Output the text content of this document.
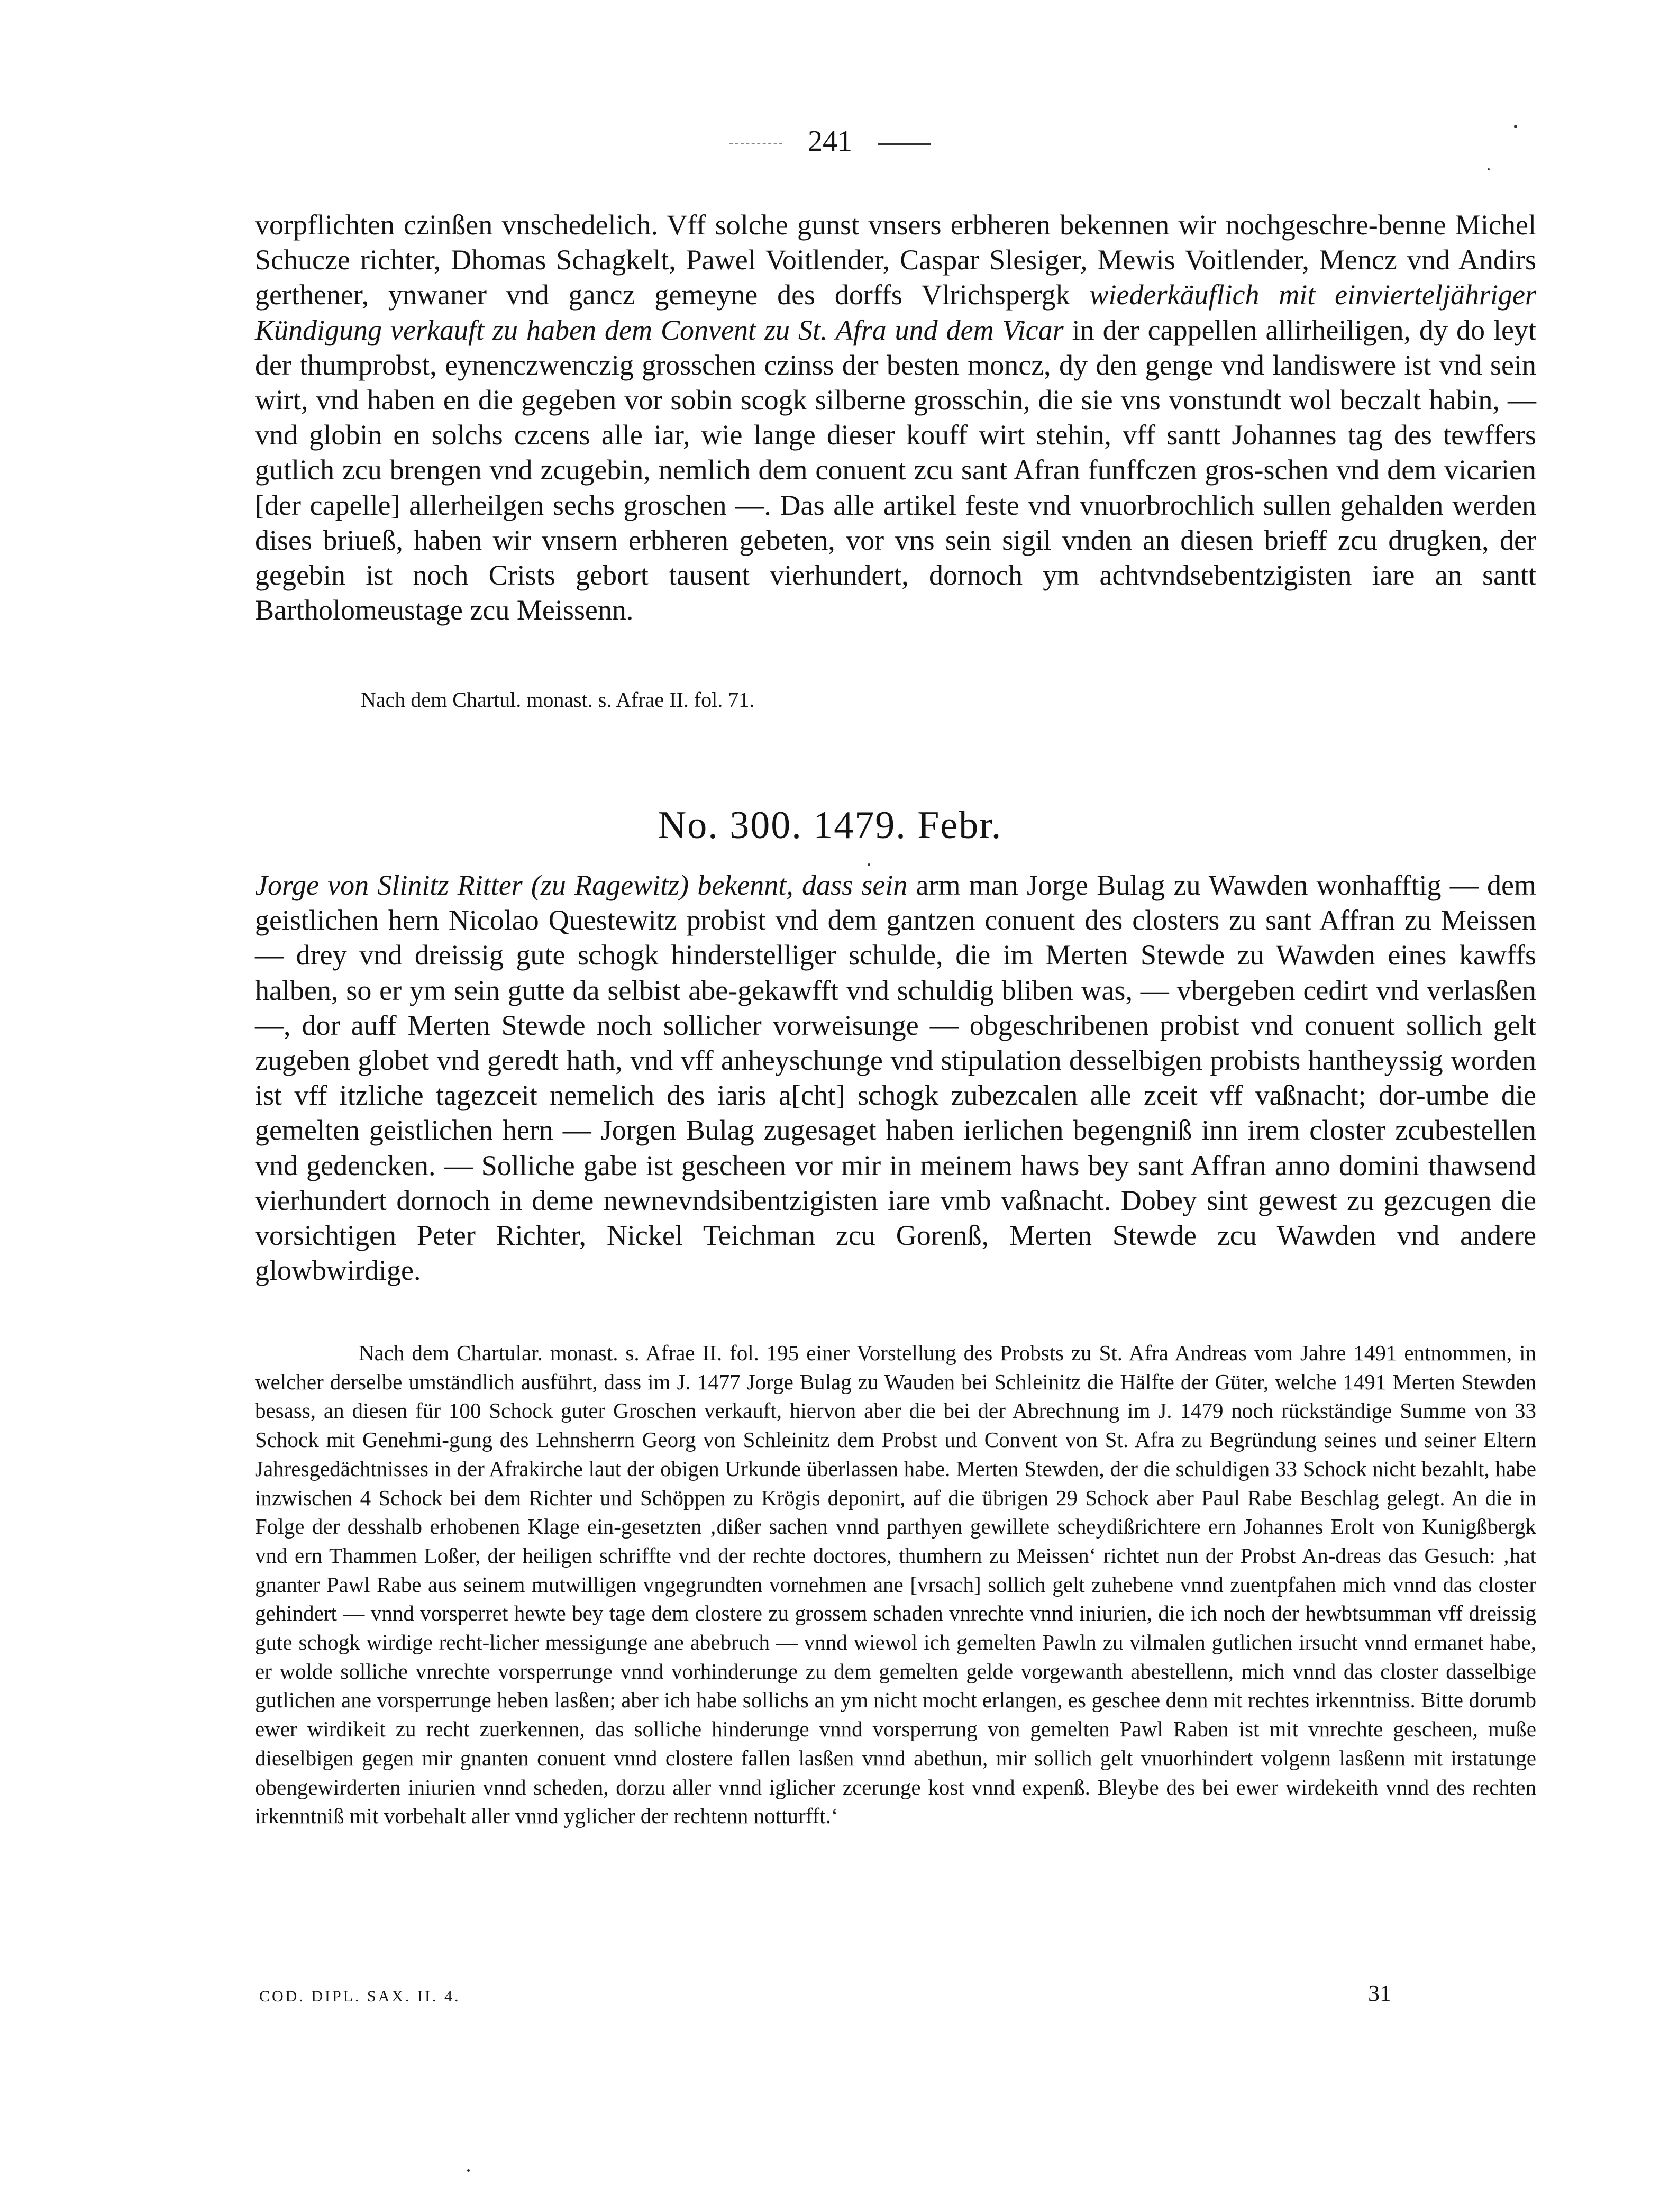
241
vorpflichten czinßen vnschedelich. Vff solche gunst vnsers erbheren bekennen wir nochgeschre-benne Michel Schucze richter, Dhomas Schagkelt, Pawel Voitlender, Caspar Slesiger, Mewis Voitlender, Mencz vnd Andirs gerthener, ynwaner vnd gancz gemeyne des dorffs Vlrichspergk wiederkäuflich mit einvierteljähriger Kündigung verkauft zu haben dem Convent zu St. Afra und dem Vicar in der cappellen allirheiligen, dy do leyt der thumprobst, eynenczwenczig grosschen czinss der besten moncz, dy den genge vnd landiswere ist vnd sein wirt, vnd haben en die gegeben vor sobin scogk silberne grosschin, die sie vns vonstundt wol beczalt habin, — vnd globin en solchs czcens alle iar, wie lange dieser kouff wirt stehin, vff santt Johannes tag des tewffers gutlich zcu brengen vnd zcugebin, nemlich dem conuent zcu sant Afran funffczen gros-schen vnd dem vicarien [der capelle] allerheilgen sechs groschen —. Das alle artikel feste vnd vnuorbrochlich sullen gehalden werden dises briueß, haben wir vnsern erbheren gebeten, vor vns sein sigil vnden an diesen brieff zcu drugken, der gegebin ist noch Crists gebort tausent vierhundert, dornoch ym achtvndsebentzigisten iare an santt Bartholomeustage zcu Meissenn.
Nach dem Chartul. monast. s. Afrae II. fol. 71.
No. 300. 1479. Febr.
Jorge von Slinitz Ritter (zu Ragewitz) bekennt, dass sein arm man Jorge Bulag zu Wawden wonhafftig — dem geistlichen hern Nicolao Questewitz probist vnd dem gantzen conuent des closters zu sant Affran zu Meissen — drey vnd dreissig gute schogk hinderstelliger schulde, die im Merten Stewde zu Wawden eines kawffs halben, so er ym sein gutte da selbist abe-gekawfft vnd schuldig bliben was, — vbergeben cedirt vnd verlasßen —, dor auff Merten Stewde noch sollicher vorweisunge — obgeschribenen probist vnd conuent sollich gelt zugeben globet vnd geredt hath, vnd vff anheyschunge vnd stipulation desselbigen probists hantheyssig worden ist vff itzliche tagezceit nemelich des iaris a[cht] schogk zubezcalen alle zceit vff vaßnacht; dor-umbe die gemelten geistlichen hern — Jorgen Bulag zugesaget haben ierlichen begengniß inn irem closter zcubestellen vnd gedencken. — Solliche gabe ist gescheen vor mir in meinem haws bey sant Affran anno domini thawsend vierhundert dornoch in deme newnevndsibentzigisten iare vmb vaßnacht. Dobey sint gewest zu gezcugen die vorsichtigen Peter Richter, Nickel Teichman zcu Gorenß, Merten Stewde zcu Wawden vnd andere glowbwirdige.
Nach dem Chartular. monast. s. Afrae II. fol. 195 einer Vorstellung des Probsts zu St. Afra Andreas vom Jahre 1491 entnommen, in welcher derselbe umständlich ausführt, dass im J. 1477 Jorge Bulag zu Wauden bei Schleinitz die Hälfte der Güter, welche 1491 Merten Stewden besass, an diesen für 100 Schock guter Groschen verkauft, hiervon aber die bei der Abrechnung im J. 1479 noch rückständige Summe von 33 Schock mit Genehmi-gung des Lehnsherrn Georg von Schleinitz dem Probst und Convent von St. Afra zu Begründung seines und seiner Eltern Jahresgedächtnisses in der Afrakirche laut der obigen Urkunde überlassen habe. Merten Stewden, der die schuldigen 33 Schock nicht bezahlt, habe inzwischen 4 Schock bei dem Richter und Schöppen zu Krögis deponirt, auf die übrigen 29 Schock aber Paul Rabe Beschlag gelegt. An die in Folge der desshalb erhobenen Klage ein-gesetzten ‚dißer sachen vnnd parthyen gewillete scheydißrichtere ern Johannes Erolt von Kunigßbergk vnd ern Thammen Loßer, der heiligen schriffte vnd der rechte doctores, thumhern zu Meissen‘ richtet nun der Probst An-dreas das Gesuch: ‚hat gnanter Pawl Rabe aus seinem mutwilligen vngegrundten vornehmen ane [vrsach] sollich gelt zuhebene vnnd zuentpfahen mich vnnd das closter gehindert — vnnd vorsperret hewte bey tage dem clostere zu grossem schaden vnrechte vnnd iniurien, die ich noch der hewbtsumman vff dreissig gute schogk wirdige recht-licher messigunge ane abebruch — vnnd wiewol ich gemelten Pawln zu vilmalen gutlichen irsucht vnnd ermanet habe, er wolde solliche vnrechte vorsperrunge vnnd vorhinderunge zu dem gemelten gelde vorgewanth abestellenn, mich vnnd das closter dasselbige gutlichen ane vorsperrunge heben lasßen; aber ich habe sollichs an ym nicht mocht erlangen, es geschee denn mit rechtes irkenntniss. Bitte dorumb ewer wirdikeit zu recht zuerkennen, das solliche hinderunge vnnd vorsperrung von gemelten Pawl Raben ist mit vnrechte gescheen, mußе dieselbigen gegen mir gnanten conuent vnnd clostere fallen lasßen vnnd abethun, mir sollich gelt vnuorhindert volgenn lasßenn mit irstatunge obengewirderten iniurien vnnd scheden, dorzu aller vnnd iglicher zcerunge kost vnnd expenß. Bleybe des bei ewer wirdekeith vnnd des rechten irkenntniß mit vorbehalt aller vnnd yglicher der rechtenn notturfft.‘
COD. DIPL. SAX. II. 4.	31
